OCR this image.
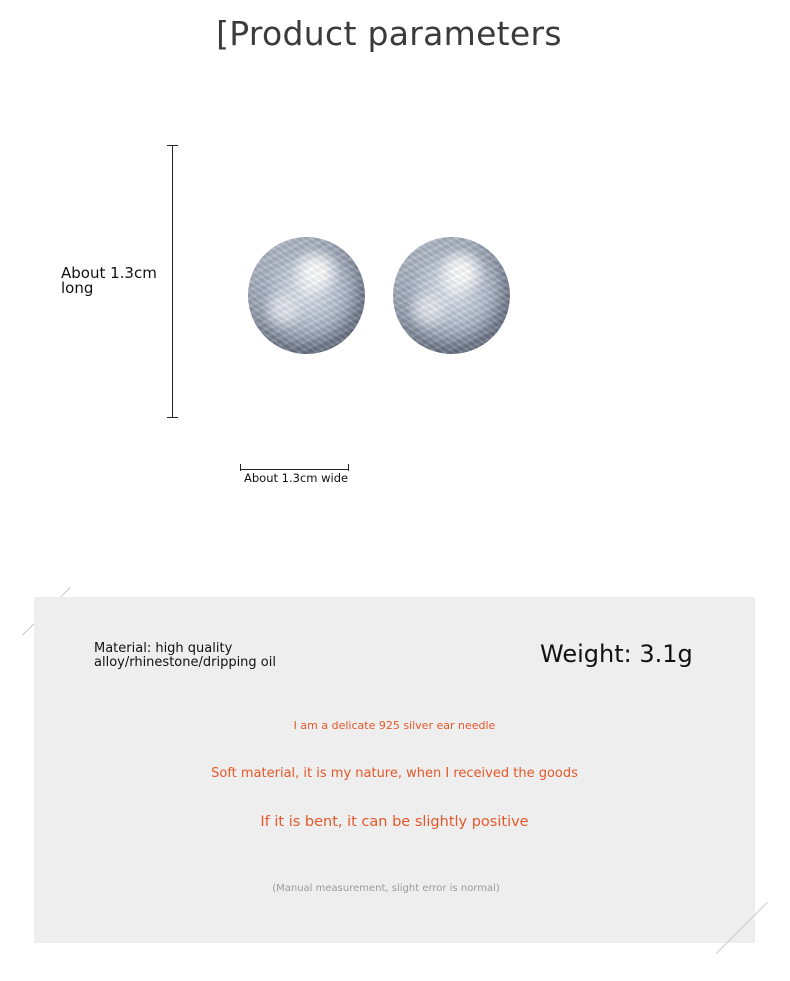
[Product parameters
About 1.3cm
long
About 1.3cm wide
Material: high quality
alloy/rhinestone/dripping oil	Weight: 3.1g
I am a delicate 925 silver ear needle
Soft material, it is my nature, when I received the goods
If it is bent, it can be slightly positive
(Manual measurement, slight error is normal)
